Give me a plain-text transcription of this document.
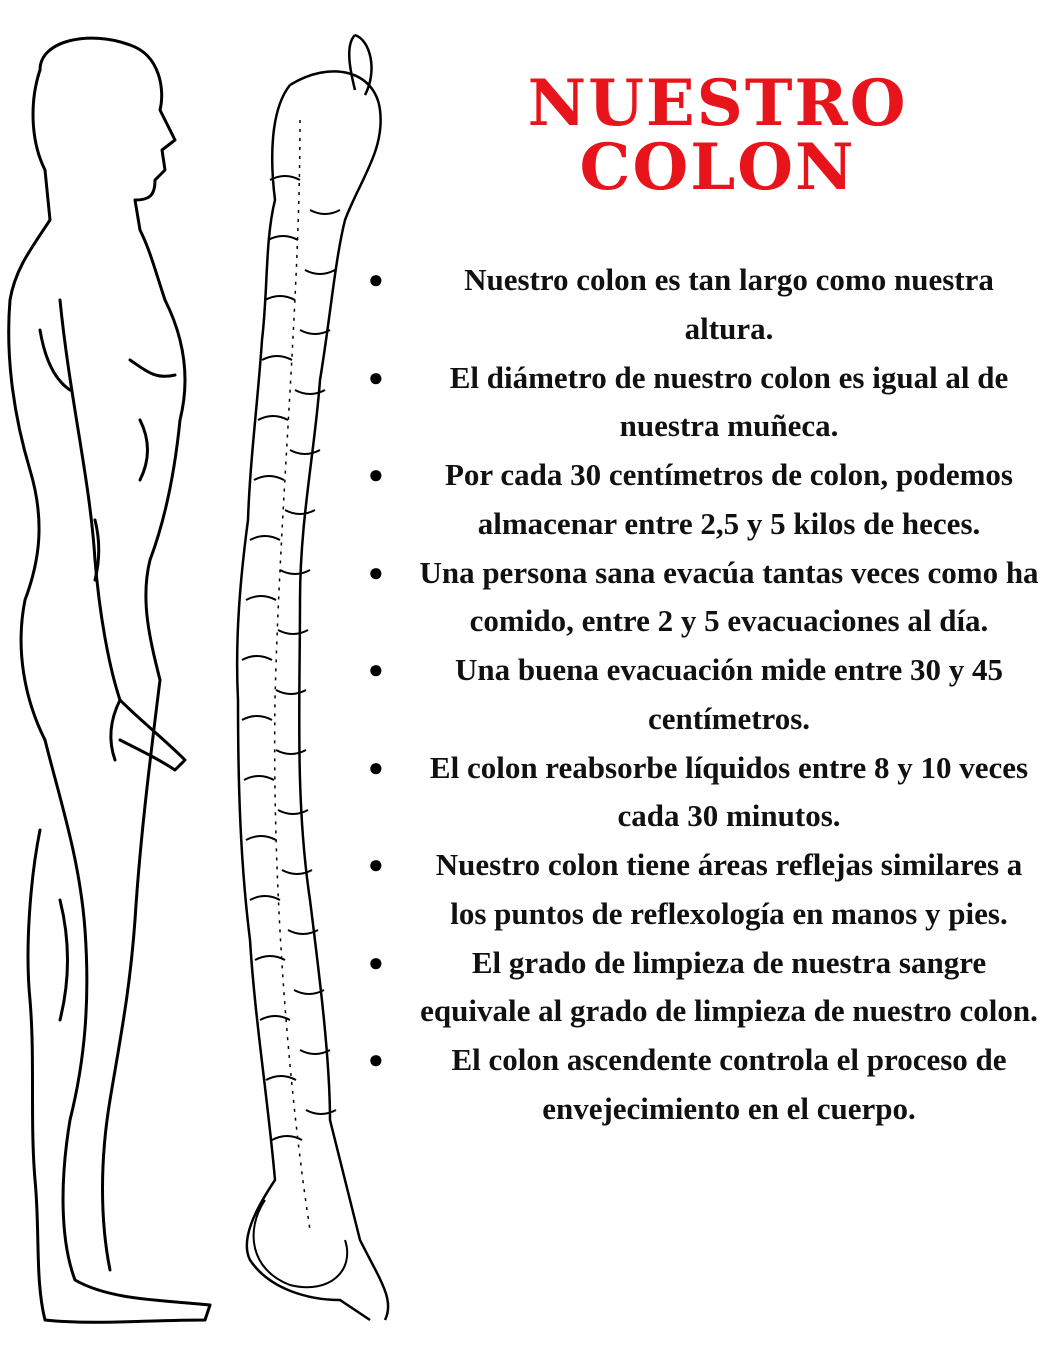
NUESTRO COLON
●	Nuestro colon es tan largo como nuestra altura.
● El diámetro de nuestro colon es igual al de nuestra muñeca.
● Por cada 30 centímetros de colon, podemos almacenar entre 2,5 y 5 kilos de heces.
● Una persona sana evacúa tantas veces como ha comido, entre 2 y 5 evacuaciones al día.
● Una buena evacuación mide entre 30 y 45 centímetros.
● El colon reabsorbe líquidos entre 8 y 10 veces cada 30 minutos.
● Nuestro colon tiene áreas reflejas similares a los puntos de reflexología en manos y pies.
●	El grado de limpieza de nuestra sangre equivale al grado de limpieza de nuestro colon.
● El colon ascendente controla el proceso de envejecimiento en el cuerpo.
